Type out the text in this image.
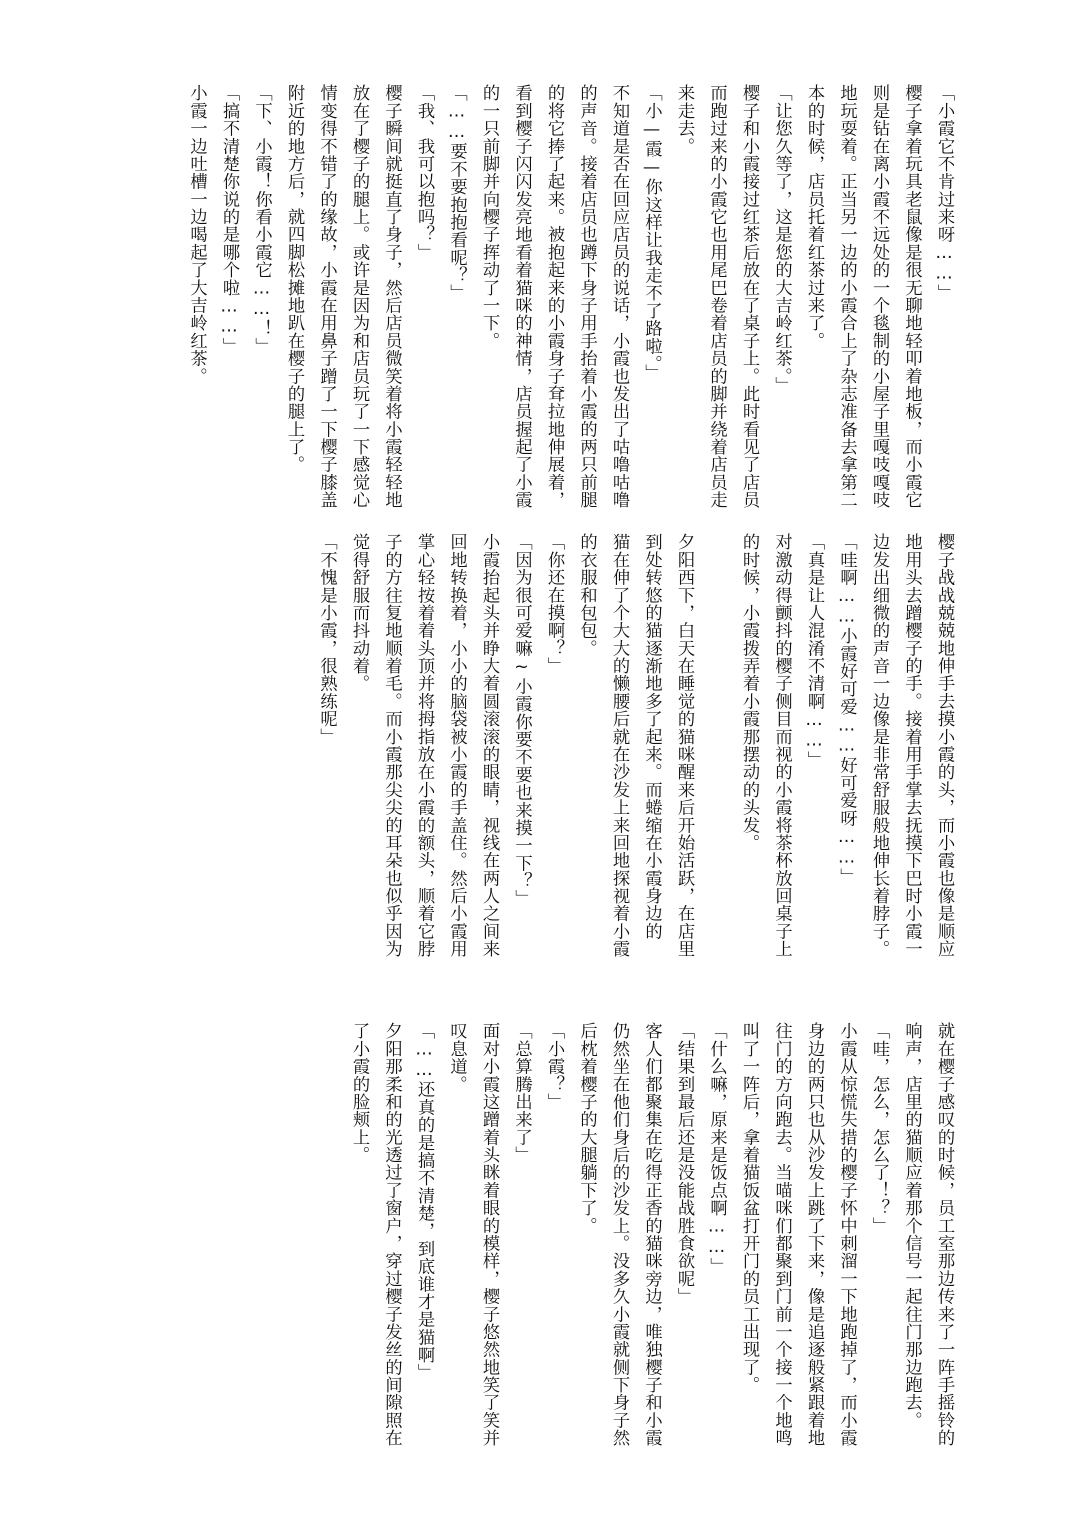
「小霞它不肯过来呀……」
樱子拿着玩具老鼠像是很无聊地轻叩着地板，而小霞它
则是钻在离小霞不远处的一个毯制的小屋子里嘎吱嘎吱
地玩耍着。正当另一边的小霞合上了杂志准备去拿第二
本的时候，店员托着红茶过来了。
「让您久等了，这是您的大吉岭红茶。」
樱子和小霞接过红茶后放在了桌子上。此时看见了店员
而跑过来的小霞它也用尾巴卷着店员的脚并绕着店员走
来走去。
「小—霞—你这样让我走不了路啦。」
不知道是否在回应店员的说话，小霞也发出了咕噜咕噜
的声音。接着店员也蹲下身子用手抬着小霞的两只前腿
的将它捧了起来。被抱起来的小霞身子耷拉地伸展着，
看到樱子闪闪发亮地看着猫咪的神情，店员握起了小霞
的一只前脚并向樱子挥动了一下。
「……要不要抱抱看呢？」
「我、我可以抱吗？」
樱子瞬间就挺直了身子，然后店员微笑着将小霞轻轻地
放在了樱子的腿上。或许是因为和店员玩了一下感觉心
情变得不错了的缘故，小霞在用鼻子蹭了一下樱子膝盖
附近的地方后，就四脚松摊地趴在樱子的腿上了。
「下、小霞！你看小霞它……！」
「搞不清楚你说的是哪个啦……」
小霞一边吐槽一边喝起了大吉岭红茶。
樱子战战兢兢地伸手去摸小霞的头，而小霞也像是顺应
地用头去蹭樱子的手。接着用手掌去抚摸下巴时小霞一
边发出细微的声音一边像是非常舒服般地伸长着脖子。
「哇啊……小霞好可爱……好可爱呀……」
「真是让人混淆不清啊……」
对激动得颤抖的樱子侧目而视的小霞将茶杯放回桌子上
的时候，小霞拨弄着小霞那摆动的头发。

夕阳西下，白天在睡觉的猫咪醒来后开始活跃，在店里
到处转悠的猫逐渐地多了起来。而蜷缩在小霞身边的
猫在伸了个大大的懒腰后就在沙发上来回地探视着小霞
的衣服和包包。
「你还在摸啊？」
「因为很可爱嘛~小霞你要不要也来摸一下？」
小霞抬起头并睁大着圆滚滚的眼睛，视线在两人之间来
回地转换着，小小的脑袋被小霞的手盖住。然后小霞用
掌心轻按着着头顶并将拇指放在小霞的额头，顺着它脖
子的方往复地顺着毛。而小霞那尖尖的耳朵也似乎因为
觉得舒服而抖动着。
「不愧是小霞，很熟练呢」
就在樱子感叹的时候，员工室那边传来了一阵手摇铃的
响声，店里的猫顺应着那个信号一起往门那边跑去。
「哇，怎么，怎么了！？」
小霞从惊慌失措的樱子怀中刺溜一下地跑掉了，而小霞
身边的两只也从沙发上跳了下来，像是追逐般紧跟着地
往门的方向跑去。当喵咪们都聚到门前一个接一个地鸣
叫了一阵后，拿着猫饭盆打开门的员工出现了。
「什么嘛，原来是饭点啊……」
「结果到最后还是没能战胜食欲呢」
客人们都聚集在吃得正香的猫咪旁边，唯独樱子和小霞
仍然坐在他们身后的沙发上。没多久小霞就侧下身子然
后枕着樱子的大腿躺下了。
「小霞？」
「总算腾出来了」
面对小霞这蹭着头眯着眼的模样，樱子悠然地笑了笑并
叹息道。
「……还真的是搞不清楚，到底谁才是猫啊」
夕阳那柔和的光透过了窗户，穿过樱子发丝的间隙照在
了小霞的脸颊上。
